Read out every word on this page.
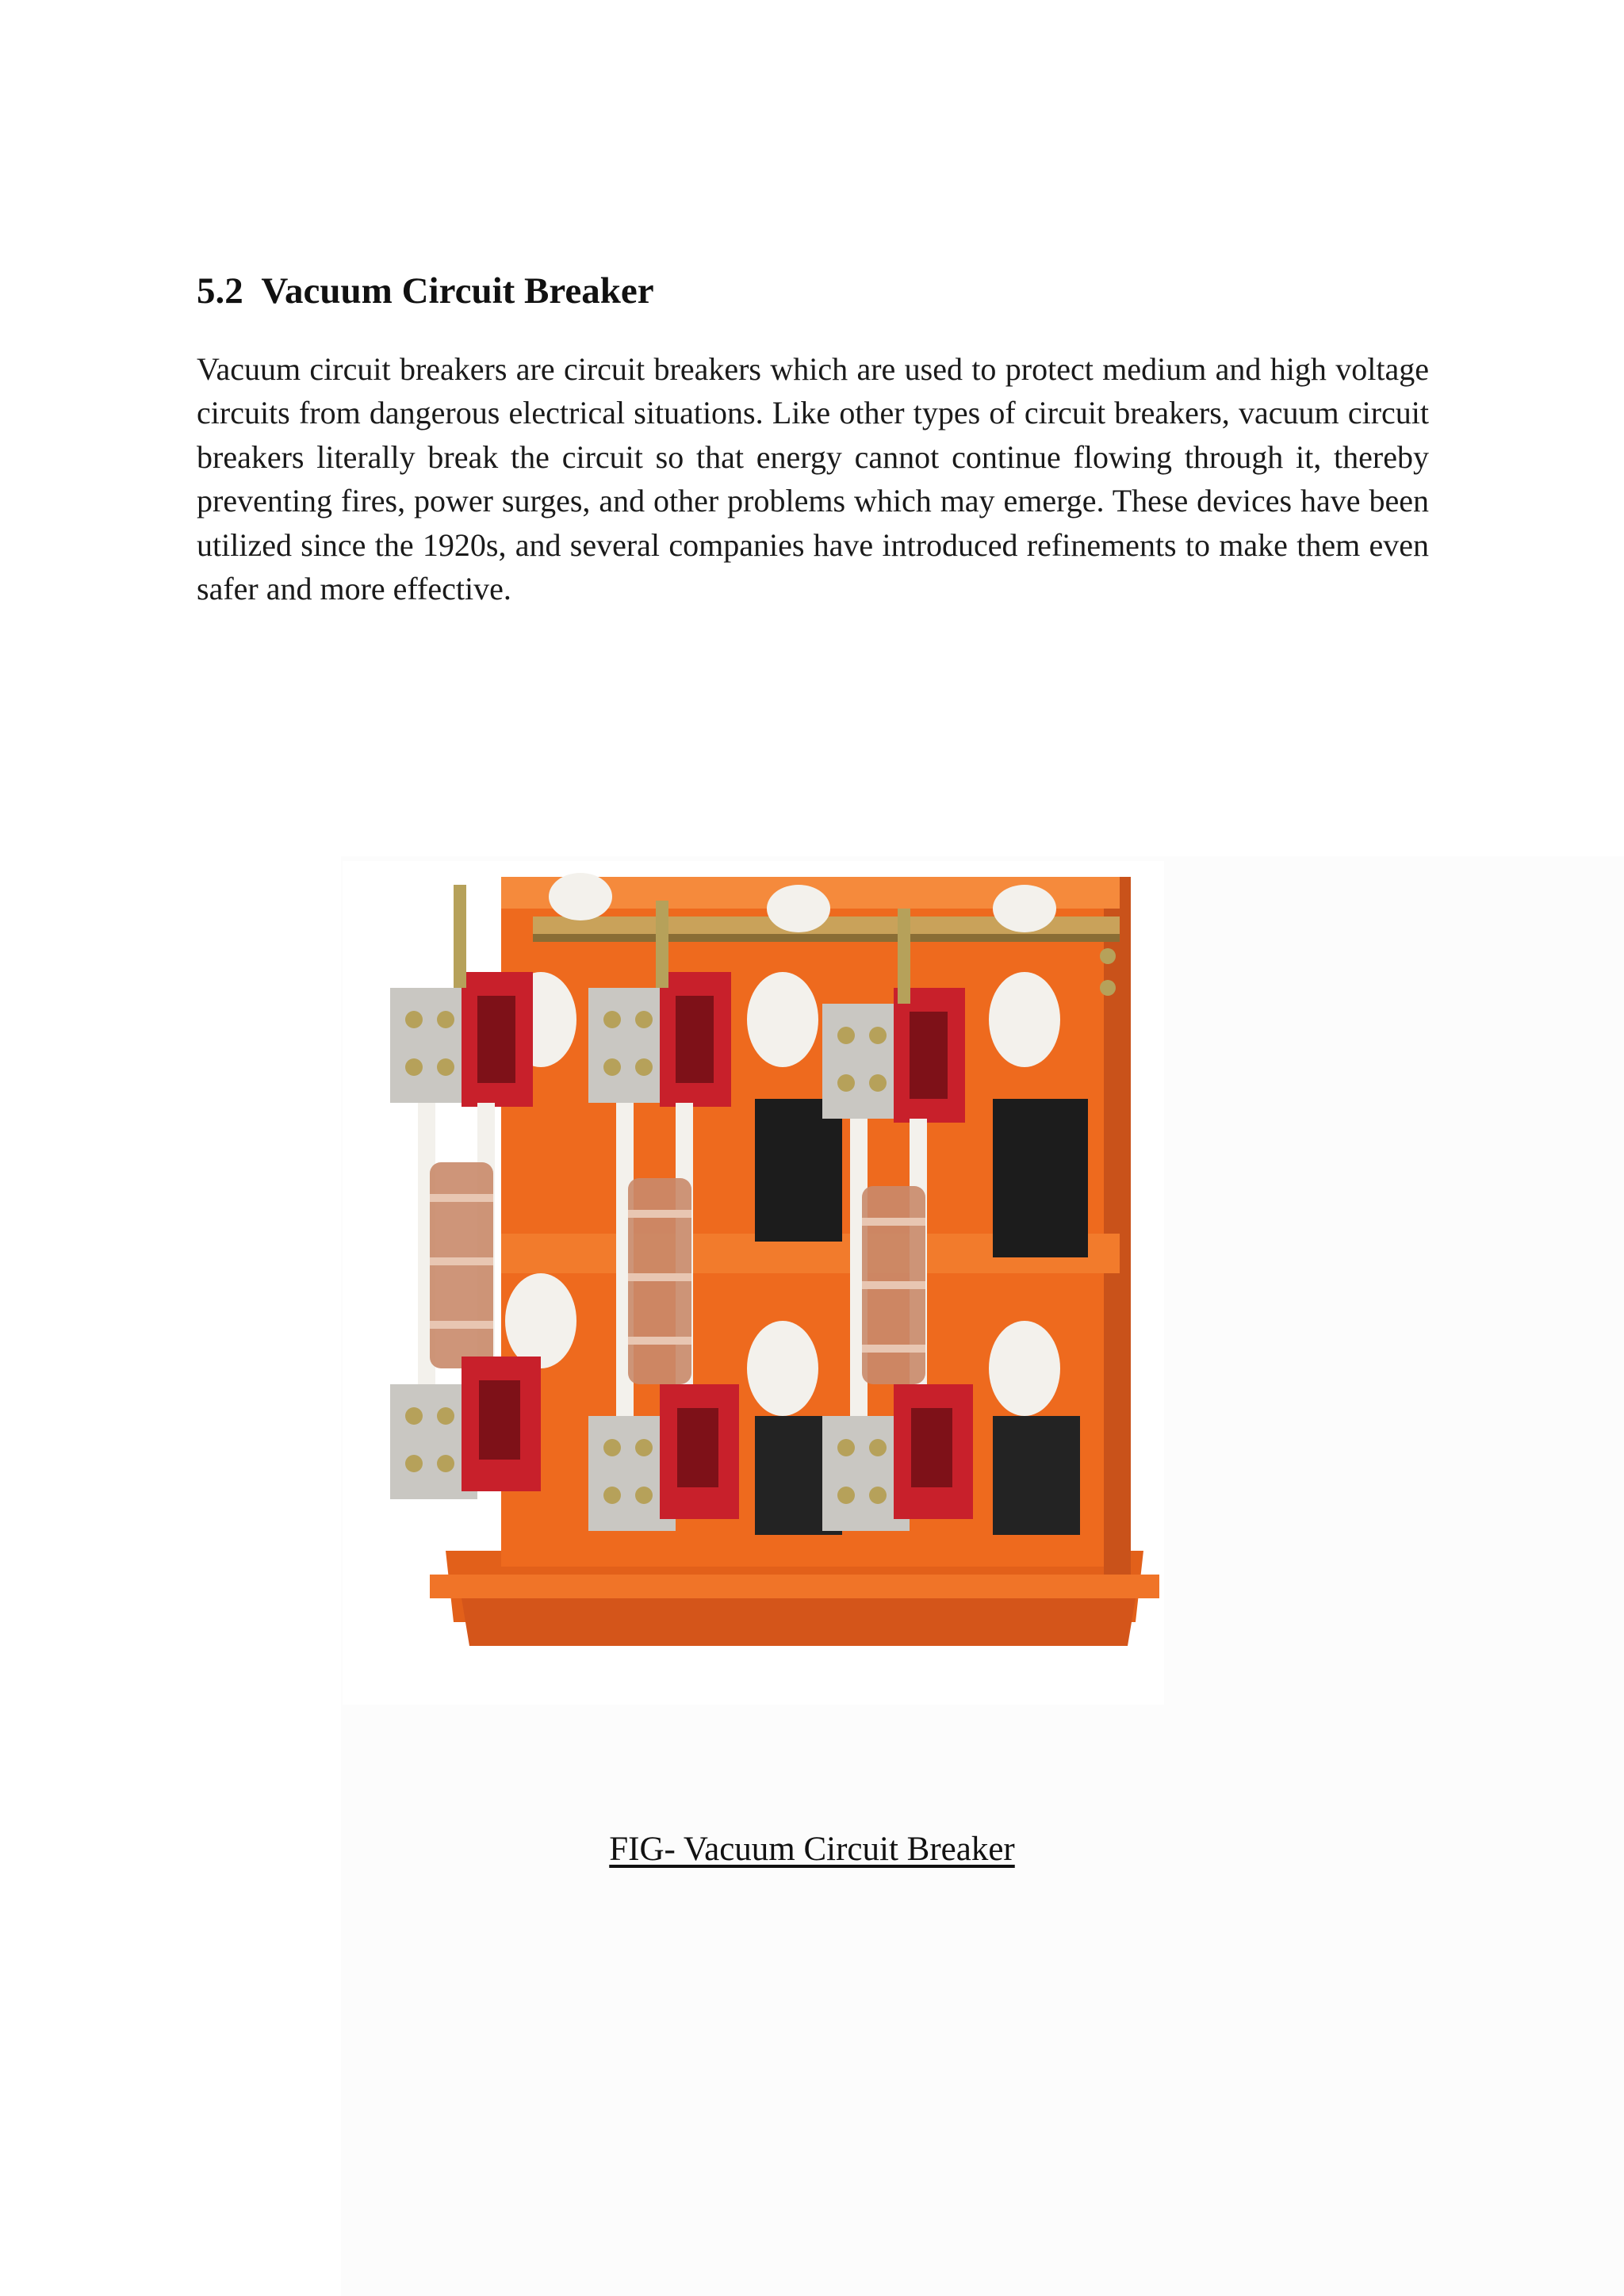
5.2  Vacuum Circuit Breaker

Vacuum circuit breakers are circuit breakers which are used to protect medium and high voltage circuits from dangerous electrical situations. Like other types of circuit breakers, vacuum circuit breakers literally break the circuit so that energy cannot continue flowing through it, thereby preventing fires, power surges, and other problems which may emerge. These devices have been utilized since the 1920s, and several companies have introduced refinements to make them even safer and more effective.

FIG- Vacuum Circuit Breaker
